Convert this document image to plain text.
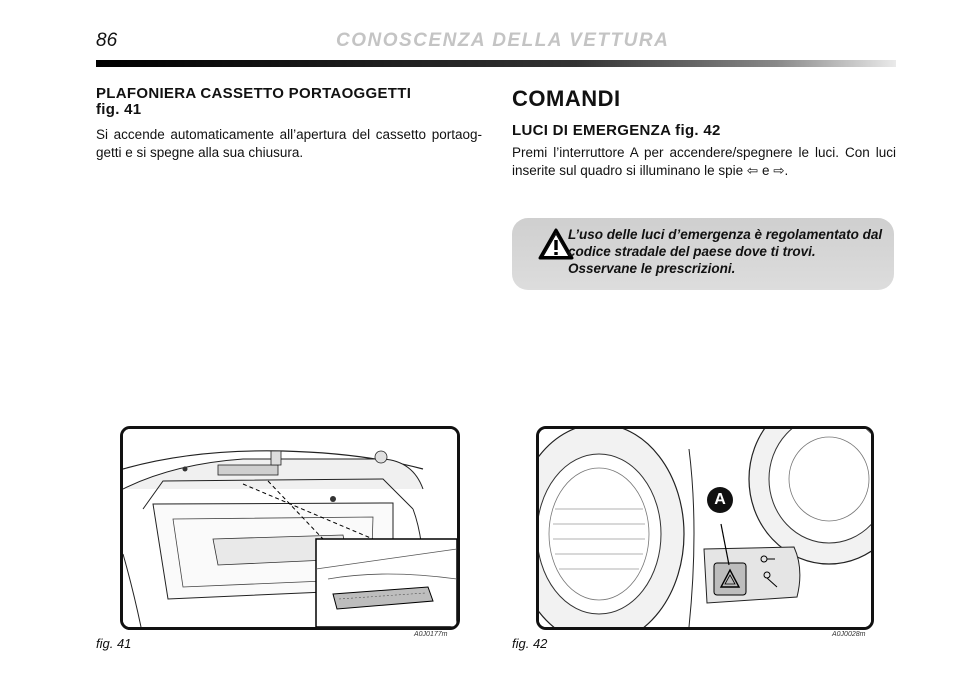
86	CONOSCENZA DELLA VETTURA
PLAFONIERA CASSETTO PORTAOGGETTI
fig. 41
Si accende automaticamente all’apertura del cassetto portaog- getti e si spegne alla sua chiusura.
COMANDI
LUCI DI EMERGENZA fig. 42
Premi l’interruttore A per accendere/spegnere le luci. Con luci inserite sul quadro si illuminano le spie ⇦ e ⇨.
L’uso delle luci d’emergenza è regolamentato dal codice stradale del paese dove ti trovi. Osservane le prescrizioni.
fig. 41
A0J0177m
A
fig. 42
A0J0028m
